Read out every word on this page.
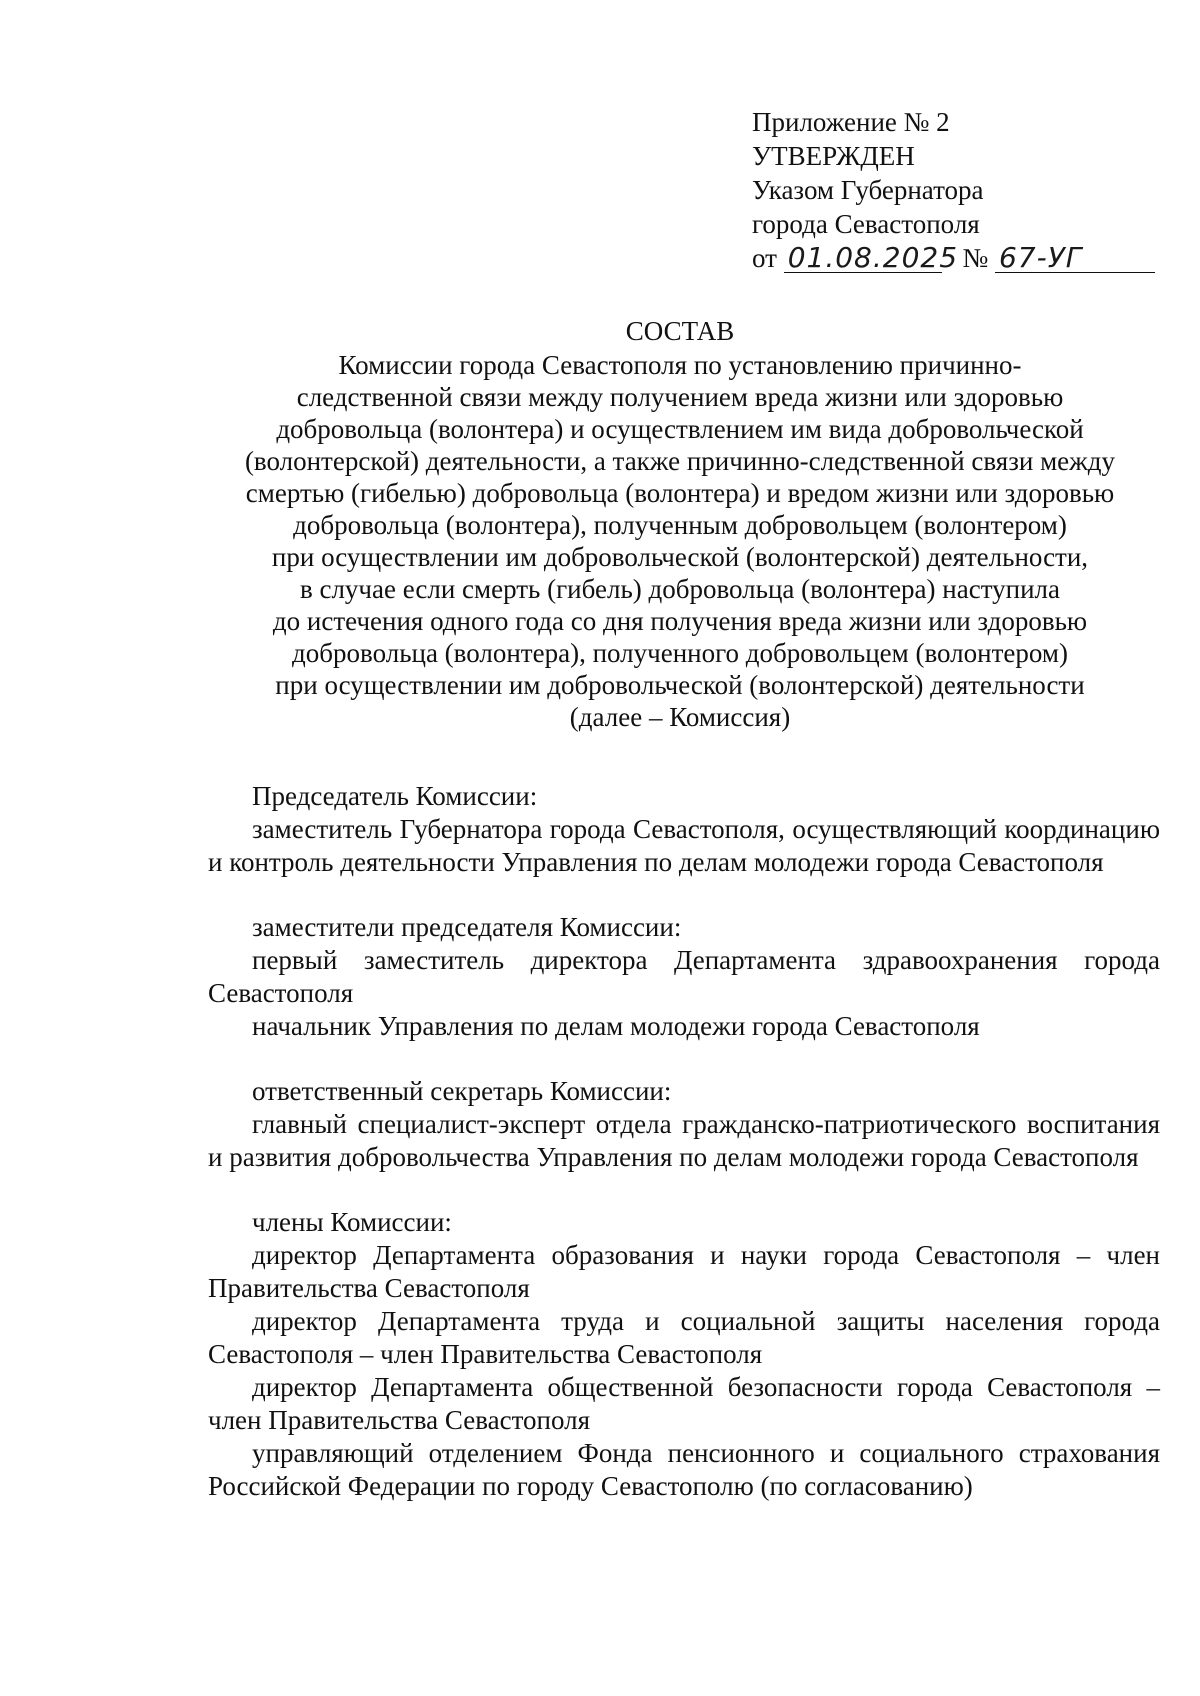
Приложение № 2
УТВЕРЖДЕН
Указом Губернатора
города Севастополя
от 01.08.2025 № 67-УГ
СОСТАВ
Комиссии города Севастополя по установлению причинно-
следственной связи между получением вреда жизни или здоровью
добровольца (волонтера) и осуществлением им вида добровольческой
(волонтерской) деятельности, а также причинно-следственной связи между
смертью (гибелью) добровольца (волонтера) и вредом жизни или здоровью
добровольца (волонтера), полученным добровольцем (волонтером)
при осуществлении им добровольческой (волонтерской) деятельности,
в случае если смерть (гибель) добровольца (волонтера) наступила
до истечения одного года со дня получения вреда жизни или здоровью
добровольца (волонтера), полученного добровольцем (волонтером)
при осуществлении им добровольческой (волонтерской) деятельности
(далее – Комиссия)
Председатель Комиссии:

заместитель Губернатора города Севастополя, осуществляющий координацию и контроль деятельности Управления по делам молодежи города Севастополя

заместители председателя Комиссии:

первый заместитель директора Департамента здравоохранения города Севастополя

начальник Управления по делам молодежи города Севастополя

ответственный секретарь Комиссии:

главный специалист-эксперт отдела гражданско-патриотического воспитания и развития добровольчества Управления по делам молодежи города Севастополя

члены Комиссии:

директор Департамента образования и науки города Севастополя – член Правительства Севастополя

директор Департамента труда и социальной защиты населения города Севастополя – член Правительства Севастополя

директор Департамента общественной безопасности города Севастополя – член Правительства Севастополя

управляющий отделением Фонда пенсионного и социального страхования Российской Федерации по городу Севастополю (по согласованию)
